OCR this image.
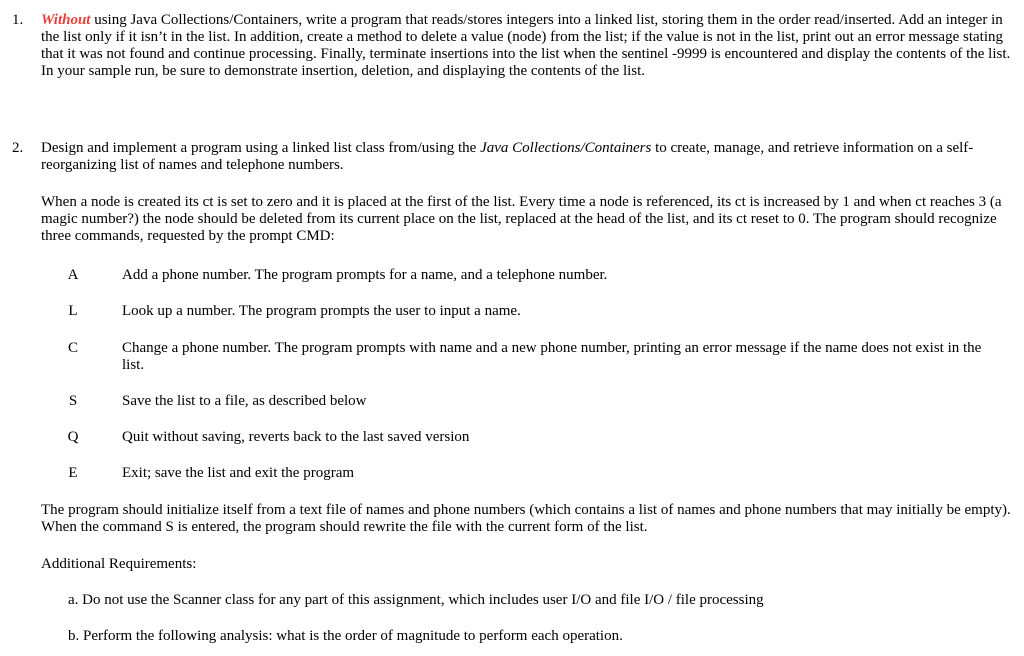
1. Without using Java Collections/Containers, write a program that reads/stores integers into a linked list, storing them in the order read/inserted. Add an integer in the list only if it isn’t in the list. In addition, create a method to delete a value (node) from the list; if the value is not in the list, print out an error message stating that it was not found and continue processing. Finally, terminate insertions into the list when the sentinel -9999 is encountered and display the contents of the list. In your sample run, be sure to demonstrate insertion, deletion, and displaying the contents of the list.

2. Design and implement a program using a linked list class from/using the Java Collections/Containers to create, manage, and retrieve information on a self-reorganizing list of names and telephone numbers.

When a node is created its ct is set to zero and it is placed at the first of the list. Every time a node is referenced, its ct is increased by 1 and when ct reaches 3 (a magic number?) the node should be deleted from its current place on the list, replaced at the head of the list, and its ct reset to 0. The program should recognize three commands, requested by the prompt CMD:

A	Add a phone number. The program prompts for a name, and a telephone number.
L	Look up a number. The program prompts the user to input a name.
C	Change a phone number. The program prompts with name and a new phone number, printing an error message if the name does not exist in the list.
S	Save the list to a file, as described below
Q	Quit without saving, reverts back to the last saved version
E	Exit; save the list and exit the program

The program should initialize itself from a text file of names and phone numbers (which contains a list of names and phone numbers that may initially be empty). When the command S is entered, the program should rewrite the file with the current form of the list.

Additional Requirements:

a. Do not use the Scanner class for any part of this assignment, which includes user I/O and file I/O / file processing
b. Perform the following analysis: what is the order of magnitude to perform each operation.
